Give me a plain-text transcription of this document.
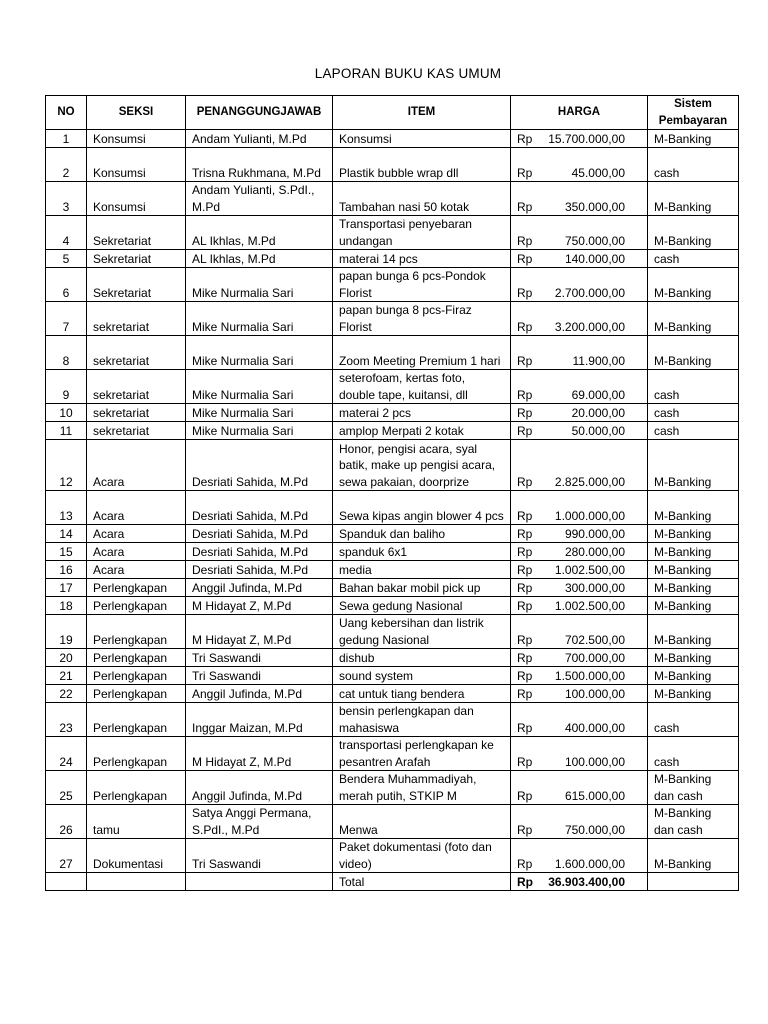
LAPORAN BUKU KAS UMUM
NO	SEKSI	PENANGGUNGJAWAB	ITEM	HARGA	Sistem Pembayaran
1	Konsumsi	Andam Yulianti, M.Pd	Konsumsi	Rp 15.700.000,00	M-Banking
2	Konsumsi	Trisna Rukhmana, M.Pd	Plastik bubble wrap dll	Rp 45.000,00	cash
3	Konsumsi	Andam Yulianti, S.PdI., M.Pd	Tambahan nasi 50 kotak	Rp 350.000,00	M-Banking
4	Sekretariat	AL Ikhlas, M.Pd	Transportasi penyebaran undangan	Rp 750.000,00	M-Banking
5	Sekretariat	AL Ikhlas, M.Pd	materai 14 pcs	Rp 140.000,00	cash
6	Sekretariat	Mike Nurmalia Sari	papan bunga 6 pcs-Pondok Florist	Rp 2.700.000,00	M-Banking
7	sekretariat	Mike Nurmalia Sari	papan bunga 8 pcs-Firaz Florist	Rp 3.200.000,00	M-Banking
8	sekretariat	Mike Nurmalia Sari	Zoom Meeting Premium 1 hari	Rp 11.900,00	M-Banking
9	sekretariat	Mike Nurmalia Sari	seterofoam, kertas foto, double tape, kuitansi, dll	Rp 69.000,00	cash
10	sekretariat	Mike Nurmalia Sari	materai 2 pcs	Rp 20.000,00	cash
11	sekretariat	Mike Nurmalia Sari	amplop Merpati 2 kotak	Rp 50.000,00	cash
12	Acara	Desriati Sahida, M.Pd	Honor, pengisi acara, syal batik, make up pengisi acara, sewa pakaian, doorprize	Rp 2.825.000,00	M-Banking
13	Acara	Desriati Sahida, M.Pd	Sewa kipas angin blower 4 pcs	Rp 1.000.000,00	M-Banking
14	Acara	Desriati Sahida, M.Pd	Spanduk dan baliho	Rp 990.000,00	M-Banking
15	Acara	Desriati Sahida, M.Pd	spanduk 6x1	Rp 280.000,00	M-Banking
16	Acara	Desriati Sahida, M.Pd	media	Rp 1.002.500,00	M-Banking
17	Perlengkapan	Anggil Jufinda, M.Pd	Bahan bakar mobil pick up	Rp 300.000,00	M-Banking
18	Perlengkapan	M Hidayat Z, M.Pd	Sewa gedung Nasional	Rp 1.002.500,00	M-Banking
19	Perlengkapan	M Hidayat Z, M.Pd	Uang kebersihan dan listrik gedung Nasional	Rp 702.500,00	M-Banking
20	Perlengkapan	Tri Saswandi	dishub	Rp 700.000,00	M-Banking
21	Perlengkapan	Tri Saswandi	sound system	Rp 1.500.000,00	M-Banking
22	Perlengkapan	Anggil Jufinda, M.Pd	cat untuk tiang bendera	Rp 100.000,00	M-Banking
23	Perlengkapan	Inggar Maizan, M.Pd	bensin perlengkapan dan mahasiswa	Rp 400.000,00	cash
24	Perlengkapan	M Hidayat Z, M.Pd	transportasi perlengkapan ke pesantren Arafah	Rp 100.000,00	cash
25	Perlengkapan	Anggil Jufinda, M.Pd	Bendera Muhammadiyah, merah putih, STKIP M	Rp 615.000,00	M-Banking dan cash
26	tamu	Satya Anggi Permana, S.PdI., M.Pd	Menwa	Rp 750.000,00	M-Banking dan cash
27	Dokumentasi	Tri Saswandi	Paket dokumentasi (foto dan video)	Rp 1.600.000,00	M-Banking
			Total	Rp 36.903.400,00	
